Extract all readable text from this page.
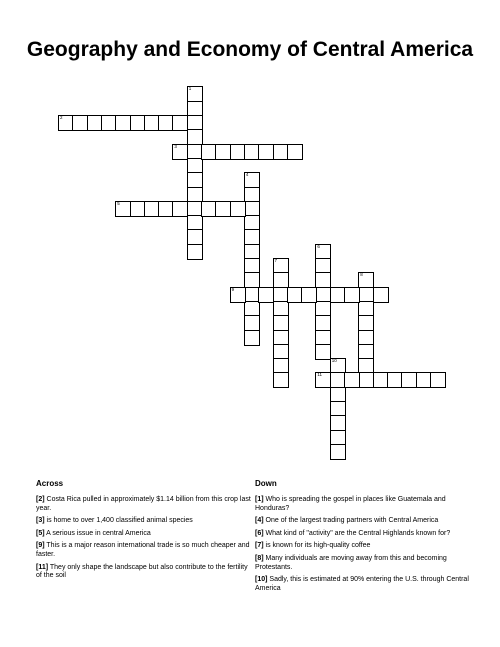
Geography and Economy of Central America
1
2
3
4
5
6
7
8
9
10
11
Across	Down
[2] Costa Rica pulled in approximately $1.14 billion from this crop last year.
[3] is home to over 1,400 classified animal species
[5] A serious issue in central America
[9] This is a major reason international trade is so much cheaper and faster.
[11] They only shape the landscape but also contribute to the fertility of the soil
[1] Who is spreading the gospel in places like Guatemala and Honduras?
[4] One of the largest trading partners with Central America
[6] What kind of "activity" are the Central Highlands known for?
[7] is known for its high-quality coffee
[8] Many individuals are moving away from this and becoming Protestants.
[10] Sadly, this is estimated at 90% entering the U.S. through Central America
